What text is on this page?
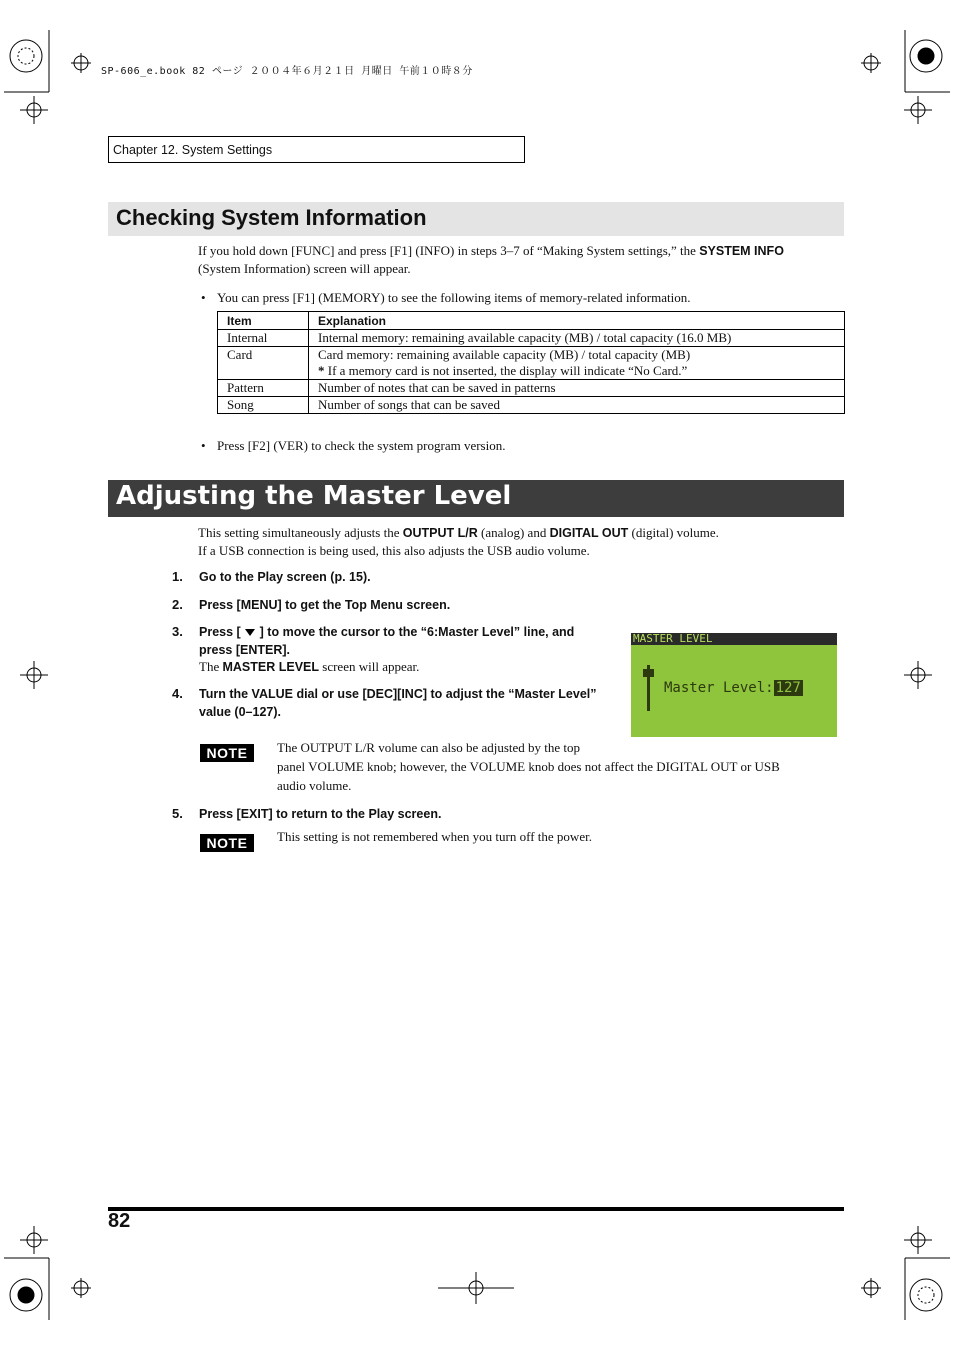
SP-606_e.book 82 ページ ２００４年６月２１日 月曜日 午前１０時８分
Chapter 12. System Settings
Checking System Information
If you hold down [FUNC] and press [F1] (INFO) in steps 3–7 of “Making System settings,” the SYSTEM INFO
(System Information) screen will appear.
• You can press [F1] (MEMORY) to see the following items of memory-related information.
Item	Explanation
Internal	Internal memory: remaining available capacity (MB) / total capacity (16.0 MB)
Card	Card memory: remaining available capacity (MB) / total capacity (MB)
* If a memory card is not inserted, the display will indicate “No Card.”
Pattern	Number of notes that can be saved in patterns
Song	Number of songs that can be saved
• Press [F2] (VER) to check the system program version.
Adjusting the Master Level
This setting simultaneously adjusts the OUTPUT L/R (analog) and DIGITAL OUT (digital) volume.
If a USB connection is being used, this also adjusts the USB audio volume.
1. Go to the Play screen (p. 15).
2. Press [MENU] to get the Top Menu screen.
3. Press [ ] to move the cursor to the “6:Master Level” line, and
press [ENTER].
The MASTER LEVEL screen will appear.
4. Turn the VALUE dial or use [DEC][INC] to adjust the “Master Level”
value (0–127).
MASTER LEVEL
Master Level: 127
NOTE	The OUTPUT L/R volume can also be adjusted by the top
panel VOLUME knob; however, the VOLUME knob does not affect the DIGITAL OUT or USB
audio volume.
5. Press [EXIT] to return to the Play screen.
NOTE	This setting is not remembered when you turn off the power.
82
